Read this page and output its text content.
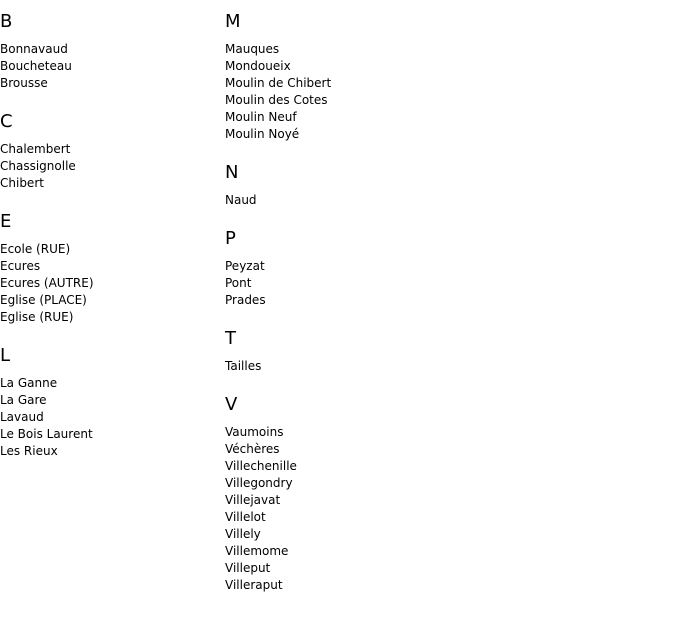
B
Bonnavaud
Boucheteau
Brousse
C
Chalembert
Chassignolle
Chibert
E
Ecole (RUE)
Ecures
Ecures (AUTRE)
Eglise (PLACE)
Eglise (RUE)
L
La Ganne
La Gare
Lavaud
Le Bois Laurent
Les Rieux
M
Mauques
Mondoueix
Moulin de Chibert
Moulin des Cotes
Moulin Neuf
Moulin Noyé
N
Naud
P
Peyzat
Pont
Prades
T
Tailles
V
Vaumoins
Véchères
Villechenille
Villegondry
Villejavat
Villelot
Villely
Villemome
Villeput
Villeraput
